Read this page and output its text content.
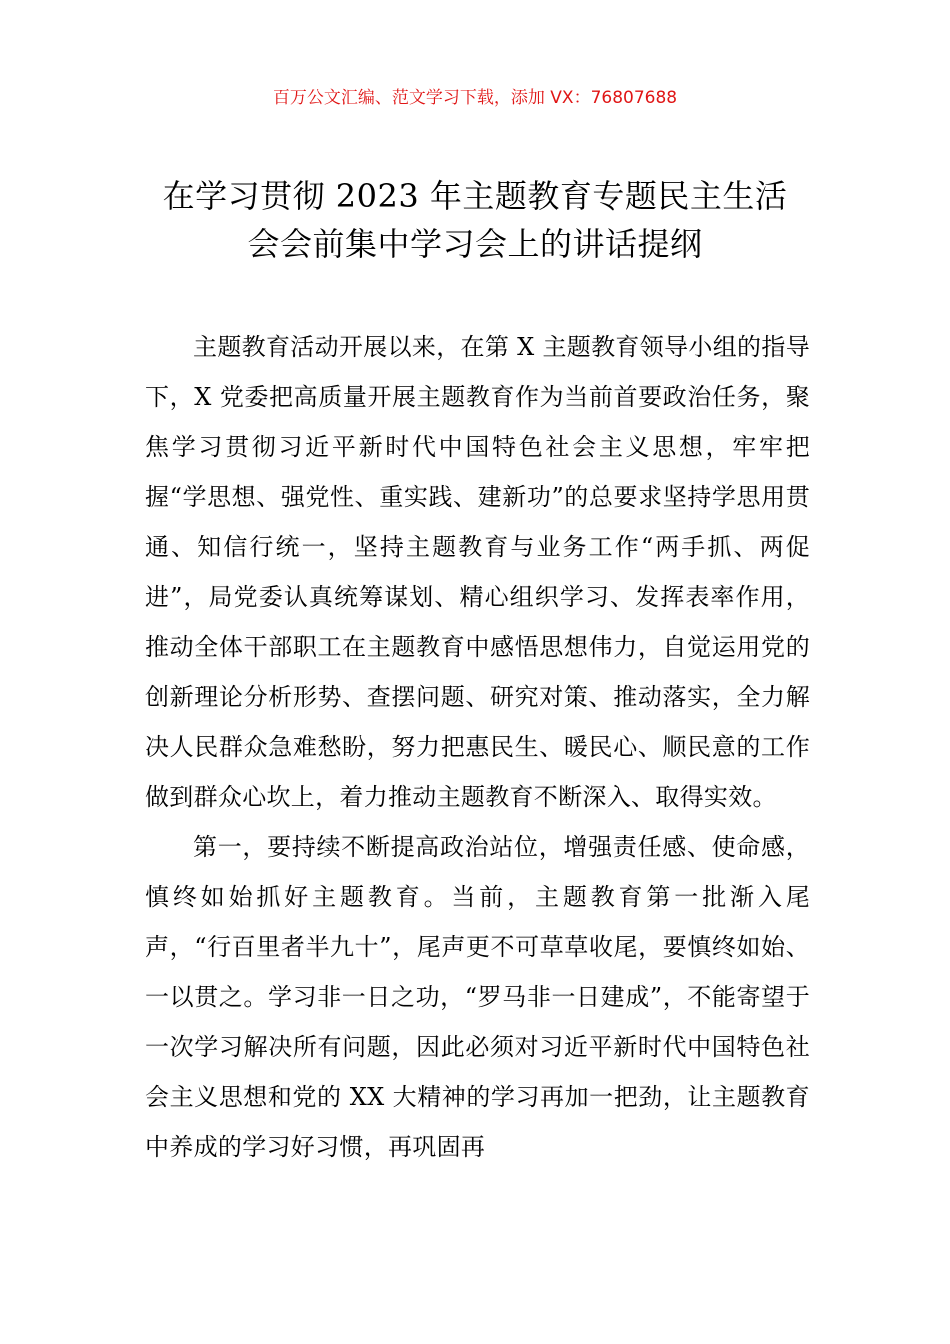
百万公文汇编、范文学习下载，添加 VX：76807688
在学习贯彻 2023 年主题教育专题民主生活
会会前集中学习会上的讲话提纲

主题教育活动开展以来，在第 X 主题教育领导小组的指导下，X 党委把高质量开展主题教育作为当前首要政治任务，聚焦学习贯彻习近平新时代中国特色社会主义思想，牢牢把握“学思想、强党性、重实践、建新功”的总要求坚持学思用贯通、知信行统一，坚持主题教育与业务工作“两手抓、两促进”，局党委认真统筹谋划、精心组织学习、发挥表率作用，推动全体干部职工在主题教育中感悟思想伟力，自觉运用党的创新理论分析形势、查摆问题、研究对策、推动落实，全力解决人民群众急难愁盼，努力把惠民生、暖民心、顺民意的工作做到群众心坎上，着力推动主题教育不断深入、取得实效。

第一，要持续不断提高政治站位，增强责任感、使命感，慎终如始抓好主题教育。当前，主题教育第一批渐入尾声，“行百里者半九十”，尾声更不可草草收尾，要慎终如始、一以贯之。学习非一日之功，“罗马非一日建成”，不能寄望于一次学习解决所有问题，因此必须对习近平新时代中国特色社会主义思想和党的 XX 大精神的学习再加一把劲，让主题教育中养成的学习好习惯，再巩固再
